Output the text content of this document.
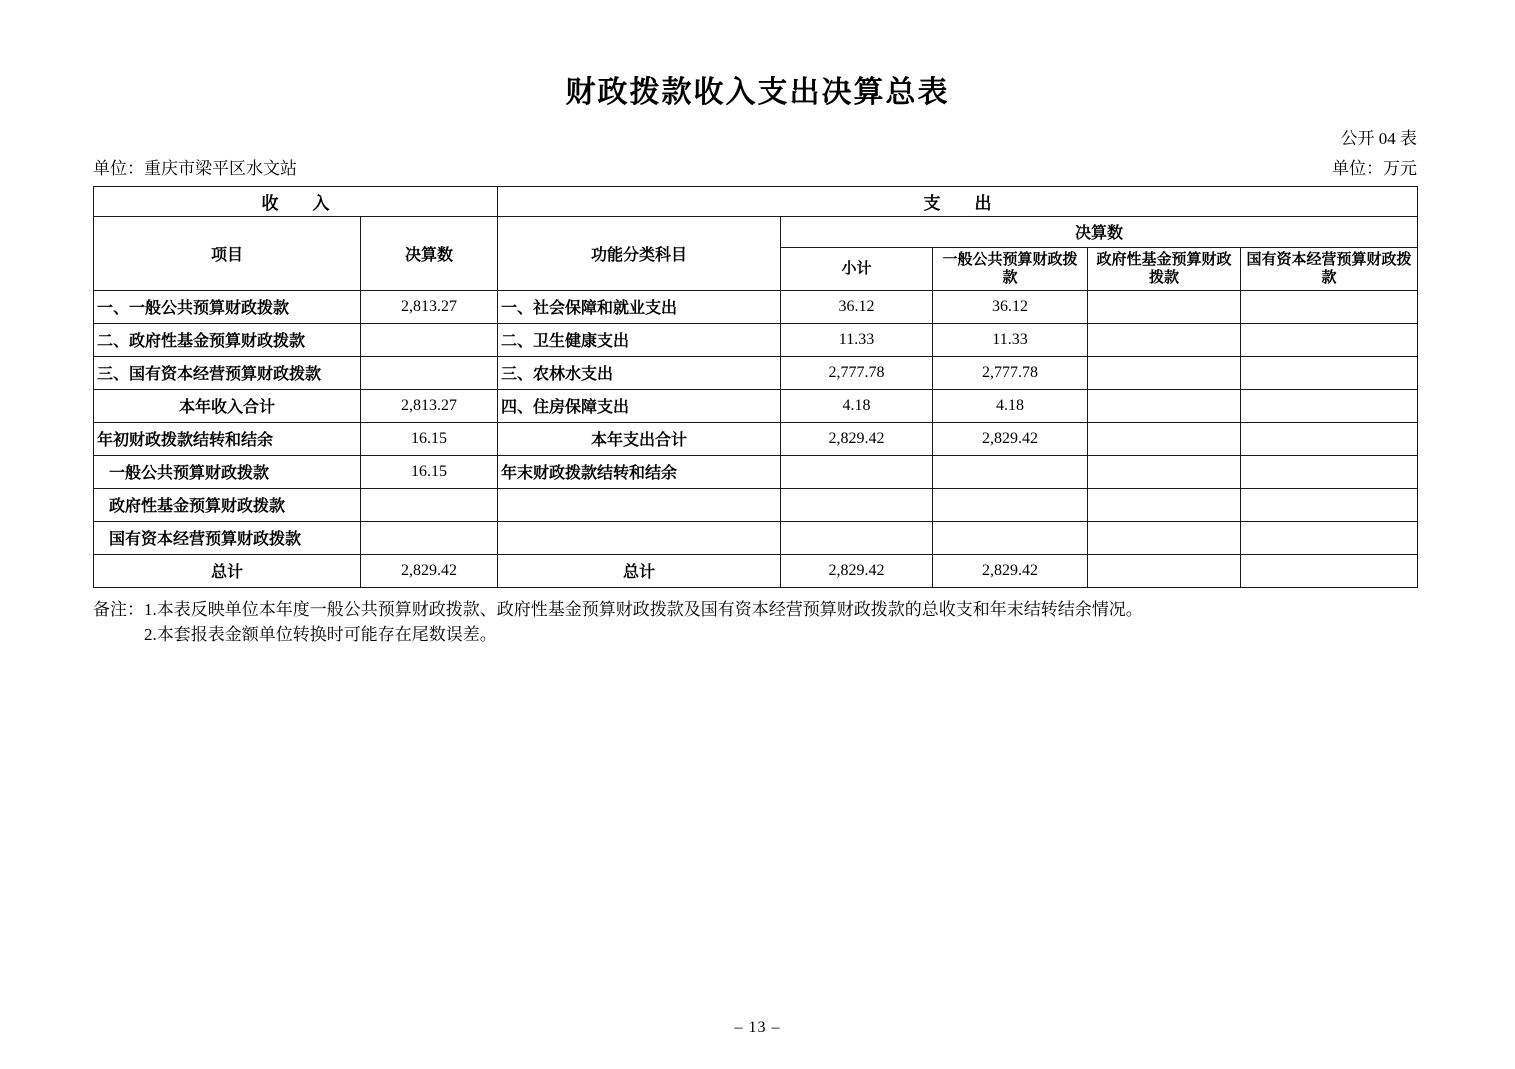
财政拨款收入支出决算总表
公开 04 表
单位：重庆市梁平区水文站	单位：万元
收　　入		支　　出				
项目	决算数	功能分类科目	决算数			
			小计	一般公共预算财政拨款	政府性基金预算财政拨款	国有资本经营预算财政拨款
一、一般公共预算财政拨款	2,813.27	一、社会保障和就业支出	36.12	36.12		
二、政府性基金预算财政拨款		二、卫生健康支出	11.33	11.33		
三、国有资本经营预算财政拨款		三、农林水支出	2,777.78	2,777.78		
本年收入合计	2,813.27	四、住房保障支出	4.18	4.18		
年初财政拨款结转和结余	16.15	本年支出合计	2,829.42	2,829.42		
一般公共预算财政拨款	16.15	年末财政拨款结转和结余				
政府性基金预算财政拨款						
国有资本经营预算财政拨款						
总计	2,829.42	总计	2,829.42	2,829.42		
备注： 1.本表反映单位本年度一般公共预算财政拨款、政府性基金预算财政拨款及国有资本经营预算财政拨款的总收支和年末结转结余情况。
2.本套报表金额单位转换时可能存在尾数误差。
– 13 –
